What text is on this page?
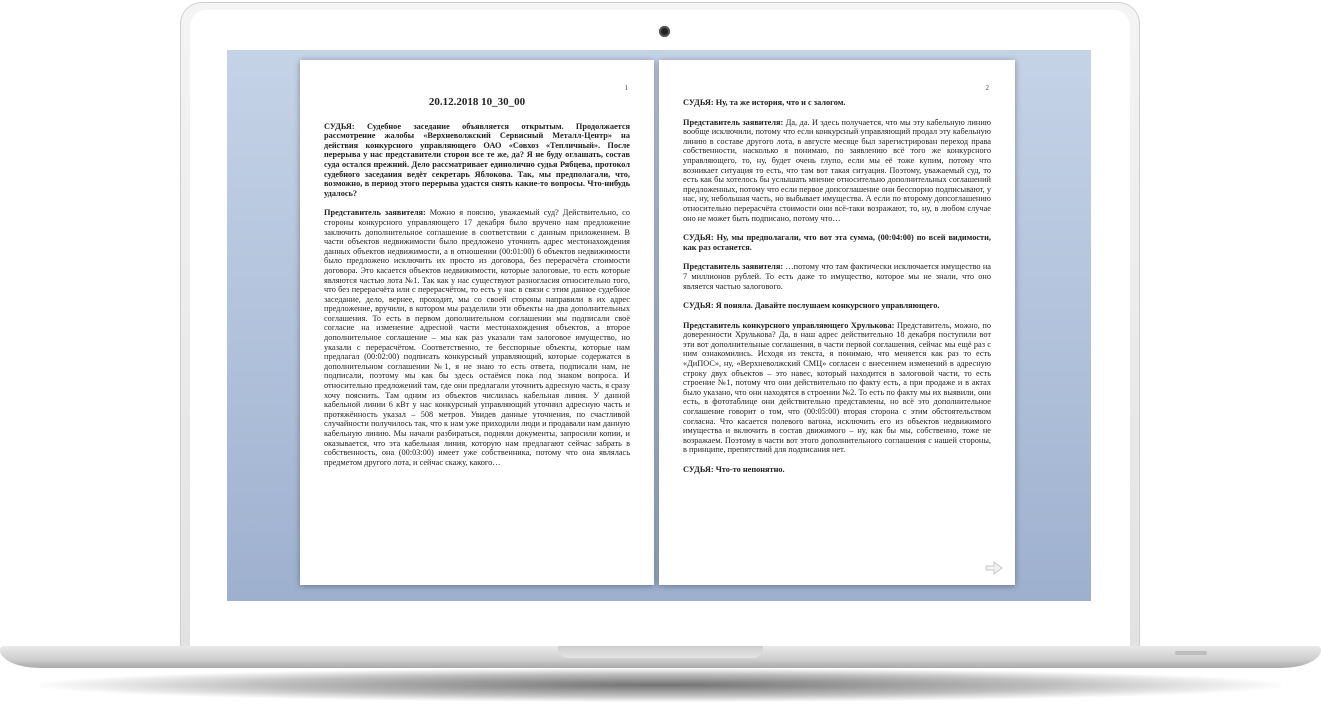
1
20.12.2018 10_30_00

СУДЬЯ: Судебное заседание объявляется открытым. Продолжается рассмотрение жалобы «Верхневолжский Сервисный Металл-Центр» на действия конкурсного управляющего ОАО «Совхоз «Тепличный». После перерыва у нас представители сторон все те же, да? Я не буду оглашать, состав суда остался прежний. Дело рассматривает единолично судья Рябцева, протокол судебного заседания ведёт секретарь Яблокова. Так, мы предполагали, что, возможно, в период этого перерыва удастся снять какие-то вопросы. Что-нибудь удалось?

Представитель заявителя: Можно я поясню, уважаемый суд? Действительно, со стороны конкурсного управляющего 17 декабря было вручено нам предложение заключить дополнительное соглашение в соответствии с данным приложением. В части объектов недвижимости было предложено уточнить адрес местонахождения данных объектов недвижимости, а в отношении (00:01:00) 6 объектов недвижимости было предложено исключить их просто из договора, без перерасчёта стоимости договора. Это касается объектов недвижимости, которые залоговые, то есть которые являются частью лота №1. Так как у нас существуют разногласия относительно того, что без перерасчёта или с перерасчётом, то есть у нас в связи с этим данное судебное заседание, дело, вернее, проходит, мы со своей стороны направили в их адрес предложение, вручили, в котором мы разделили эти объекты на два дополнительных соглашения. То есть в первом дополнительном соглашении мы подписали своё согласие на изменение адресной части местонахождения объектов, а второе дополнительное соглашение – мы как раз указали там залоговое имущество, но указали с перерасчётом. Соответственно, те бесспорные объекты, которые нам предлагал (00:02:00) подписать конкурсный управляющий, которые содержатся в дополнительном соглашении №1, я не знаю то есть ответа, подписали нам, не подписали, поэтому мы как бы здесь остаёмся пока под знаком вопроса. И относительно предложений там, где они предлагали уточнить адресную часть, я сразу хочу пояснить. Там одним из объектов числилась кабельная линия. У данной кабельной линии 6 кВт у нас конкурсный управляющий уточнил адресную часть и протяжённость указал – 508 метров. Увидев данные уточнения, по счастливой случайности получилось так, что к нам уже приходили люди и продавали нам данную кабельную линию. Мы начали разбираться, подняли документы, запросили копии, и оказывается, что эта кабельная линия, которую нам предлагают сейчас забрать в собственность, она (00:03:00) имеет уже собственника, потому что она являлась предметом другого лота, и сейчас скажу, какого…

2

СУДЬЯ: Ну, та же история, что и с залогом.

Представитель заявителя: Да, да. И здесь получается, что мы эту кабельную линию вообще исключили, потому что если конкурсный управляющий продал эту кабельную линию в составе другого лота, в августе месяце был зарегистрирован переход права собственности, насколько я понимаю, по заявлению всё того же конкурсного управляющего, то, ну, будет очень глупо, если мы её тоже купим, потому что возникает ситуация то есть, что там вот такая ситуация. Поэтому, уважаемый суд, то есть как бы хотелось бы услышать мнение относительно дополнительных соглашений предложенных, потому что если первое допсоглашение они бесспорно подписывают, у нас, ну, небольшая часть, но выбывает имущества. А если по второму допсоглашению относительно перерасчёта стоимости они всё-таки возражают, то, ну, в любом случае оно не может быть подписано, потому что…

СУДЬЯ: Ну, мы предполагали, что вот эта сумма, (00:04:00) по всей видимости, как раз останется.

Представитель заявителя: …потому что там фактически исключается имущество на 7 миллионов рублей. То есть даже то имущество, которое мы не знали, что оно является частью залогового.

СУДЬЯ: Я поняла. Давайте послушаем конкурсного управляющего.

Представитель конкурсного управляющего Хрулькова: Представитель, можно, по доверенности Хрулькова? Да, в наш адрес действительно 18 декабря поступили вот эти вот дополнительные соглашения, в части первой соглашения, сейчас мы ещё раз с ним ознакомились. Исходя из текста, я понимаю, что меняется как раз то есть «ДиПОС», ну, «Верхневолжский СМЦ» согласен с внесением изменений в адресную строку двух объектов – это навес, который находится в залоговой части, то есть строение №1, потому что они действительно по факту есть, а при продаже и в актах было указано, что они находятся в строении №2. То есть по факту мы их выявили, они есть, в фототаблице они действительно представлены, но всё это дополнительное соглашение говорит о том, что (00:05:00) вторая сторона с этим обстоятельством согласна. Что касается полевого вагона, исключить его из объектов недвижимого имущества и включить в состав движимого – ну, как бы мы, собственно, тоже не возражаем. Поэтому в части вот этого дополнительного соглашения с нашей стороны, в принципе, препятствий для подписания нет.

СУДЬЯ: Что-то непонятно.
